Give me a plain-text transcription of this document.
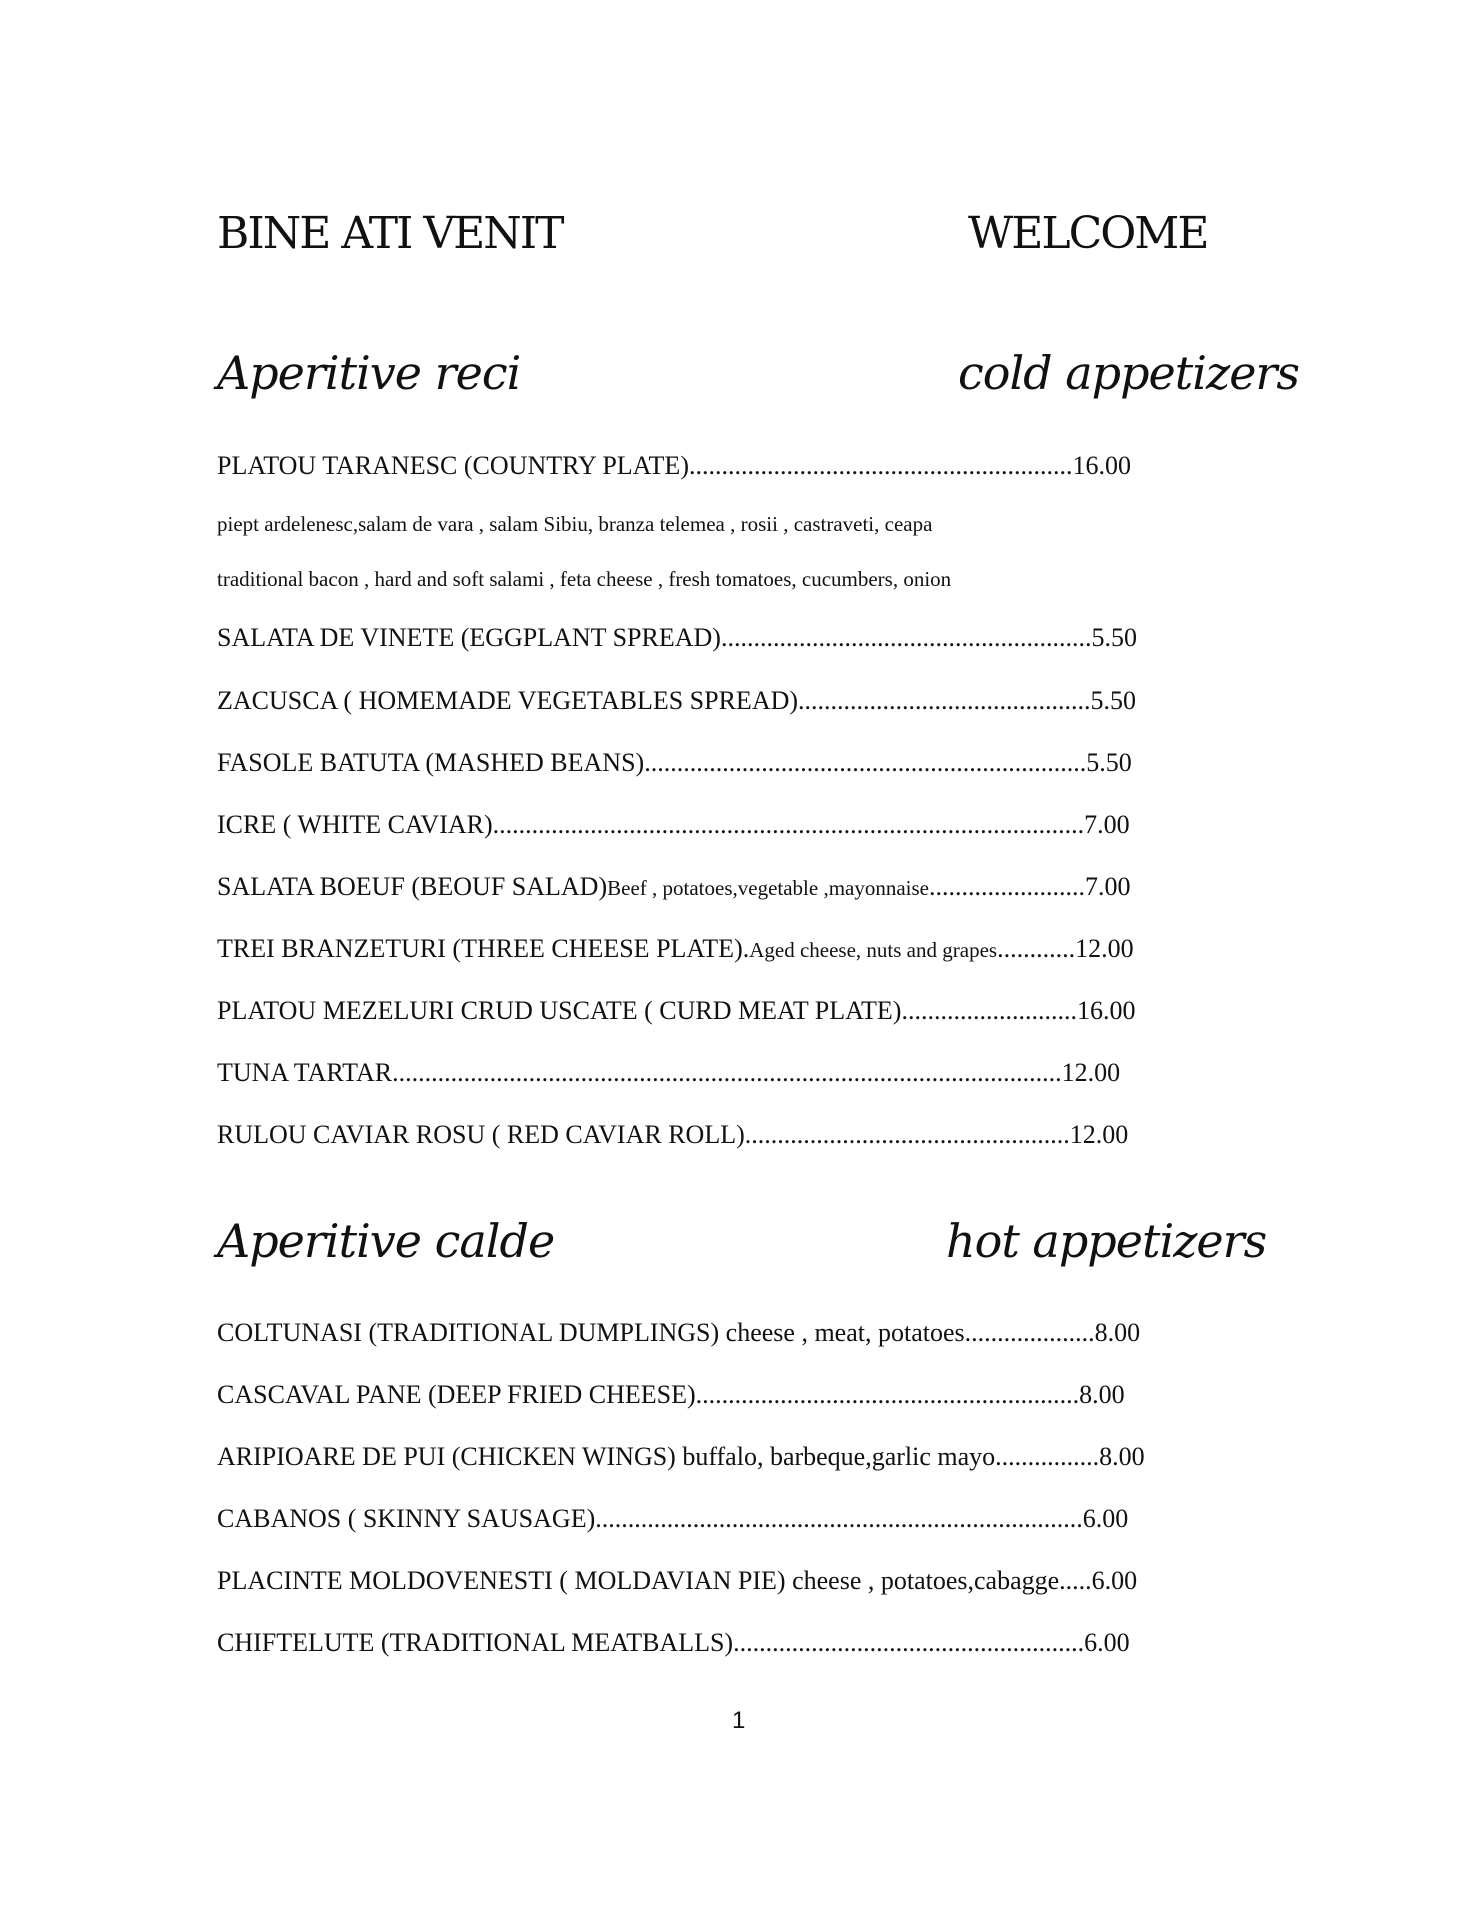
BINE ATI VENIT	WELCOME
Aperitive reci	cold appetizers
PLATOU TARANESC (COUNTRY PLATE)...........................................................16.00
piept ardelenesc,salam de vara , salam Sibiu, branza telemea , rosii , castraveti, ceapa
traditional bacon , hard and soft salami , feta cheese , fresh tomatoes, cucumbers, onion
SALATA DE VINETE (EGGPLANT SPREAD).........................................................5.50
ZACUSCA ( HOMEMADE VEGETABLES SPREAD).............................................5.50
FASOLE BATUTA (MASHED BEANS)....................................................................5.50
ICRE ( WHITE CAVIAR)...........................................................................................7.00
SALATA BOEUF (BEOUF SALAD)Beef , potatoes,vegetable ,mayonnaise........................7.00
TREI BRANZETURI (THREE CHEESE PLATE).Aged cheese, nuts and grapes............12.00
PLATOU MEZELURI CRUD USCATE ( CURD MEAT PLATE)...........................16.00
TUNA TARTAR.......................................................................................................12.00
RULOU CAVIAR ROSU ( RED CAVIAR ROLL)..................................................12.00
Aperitive calde	hot appetizers
COLTUNASI (TRADITIONAL DUMPLINGS) cheese , meat, potatoes....................8.00
CASCAVAL PANE (DEEP FRIED CHEESE)...........................................................8.00
ARIPIOARE DE PUI (CHICKEN WINGS) buffalo, barbeque,garlic mayo................8.00
CABANOS ( SKINNY SAUSAGE)...........................................................................6.00
PLACINTE MOLDOVENESTI ( MOLDAVIAN PIE) cheese , potatoes,cabagge.....6.00
CHIFTELUTE (TRADITIONAL MEATBALLS)......................................................6.00
1
